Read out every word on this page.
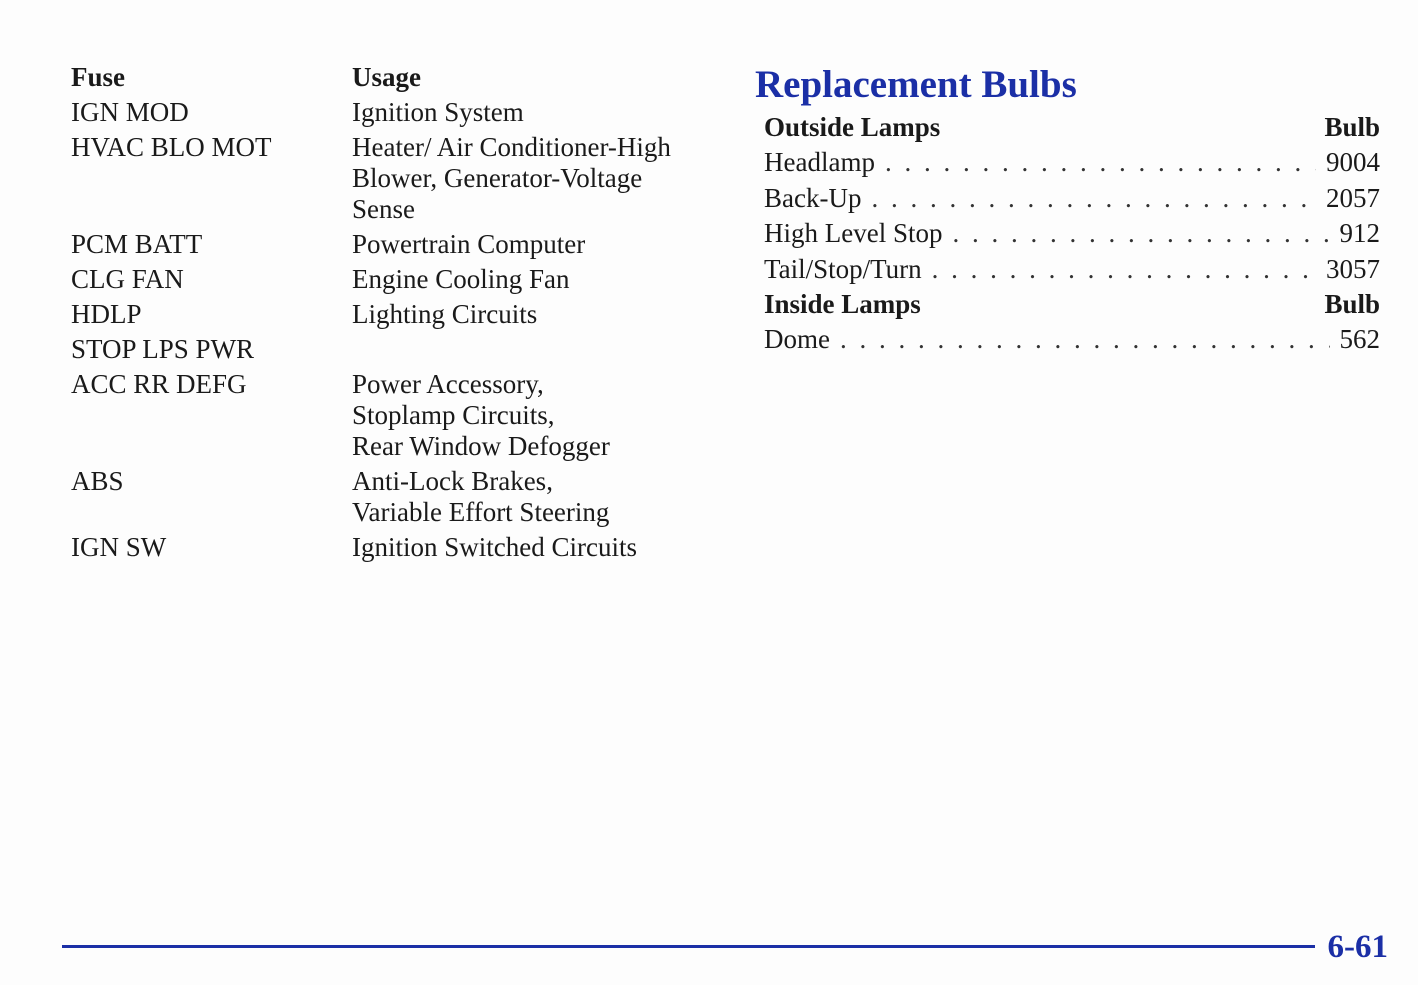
Fuse	Usage
IGN MOD	Ignition System

HVAC BLO MOT	Heater/ Air Conditioner-High
Blower, Generator-Voltage
Sense

PCM BATT	Powertrain Computer

CLG FAN	Engine Cooling Fan

HDLP	Lighting Circuits

STOP LPS PWR	
ACC RR DEFG	Power Accessory,
Stoplamp Circuits,
Rear Window Defogger

ABS	Anti-Lock Brakes,
Variable Effort Steering

IGN SW	Ignition Switched Circuits
Replacement Bulbs
Outside Lamps	Bulb
Headlamp . . .	9004
Back-Up . . .	2057
High Level Stop . . .	912
Tail/Stop/Turn . . .	3057
Inside Lamps	Bulb
Dome . . .	562
6-61
